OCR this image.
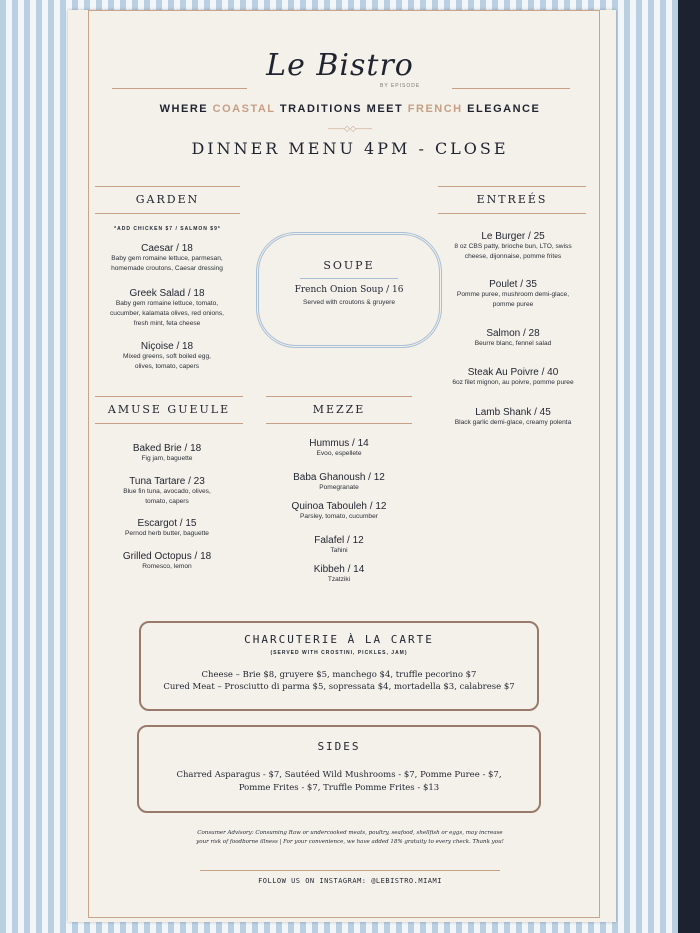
Le Bistro
BY EPISODE
WHERE COASTAL TRADITIONS MEET FRENCH ELEGANCE
——◇◇——
DINNER MENU 4PM - CLOSE
GARDEN
*ADD CHICKEN $7 / SALMON $9*
Caesar / 18
Baby gem romaine lettuce, parmesan,
homemade croutons, Caesar dressing
Greek Salad / 18
Baby gem romaine lettuce, tomato,
cucumber, kalamata olives, red onions,
fresh mint, feta cheese
Niçoise / 18
Mixed greens, soft boiled egg,
olives, tomato, capers
SOUPE
French Onion Soup / 16
Served with croutons & gruyere
ENTREÉS
Le Burger / 25
8 oz CBS patty, brioche bun, LTO, swiss
cheese, dijonnaise, pomme frites
Poulet / 35
Pomme puree, mushroom demi-glace,
pomme puree
Salmon / 28
Beurre blanc, fennel salad
Steak Au Poivre / 40
6oz filet mignon, au poivre, pomme puree
Lamb Shank / 45
Black garlic demi-glace, creamy polenta
AMUSE GUEULE
Baked Brie / 18
Fig jam, baguette
Tuna Tartare / 23
Blue fin tuna, avocado, olives,
tomato, capers
Escargot / 15
Pernod herb butter, baguette
Grilled Octopus / 18
Romesco, lemon
MEZZE
Hummus / 14
Evoo, espellete
Baba Ghanoush / 12
Pomegranate
Quinoa Tabouleh / 12
Parsley, tomato, cucumber
Falafel / 12
Tahini
Kibbeh / 14
Tzatziki
CHARCUTERIE À LA CARTE
(SERVED WITH CROSTINI, PICKLES, JAM)
Cheese – Brie $8, gruyere $5, manchego $4, truffle pecorino $7
Cured Meat – Prosciutto di parma $5, sopressata $4, mortadella $3, calabrese $7
SIDES
Charred Asparagus - $7, Sautéed Wild Mushrooms - $7, Pomme Puree - $7,
Pomme Frites - $7, Truffle Pomme Frites - $13
Consumer Advisory: Consuming Raw or undercooked meats, poultry, seafood, shellfish or eggs, may increase
your risk of foodborne illness | For your convenience, we have added 18% gratuity to every check. Thank you!
FOLLOW US ON INSTAGRAM: @LEBISTRO.MIAMI
